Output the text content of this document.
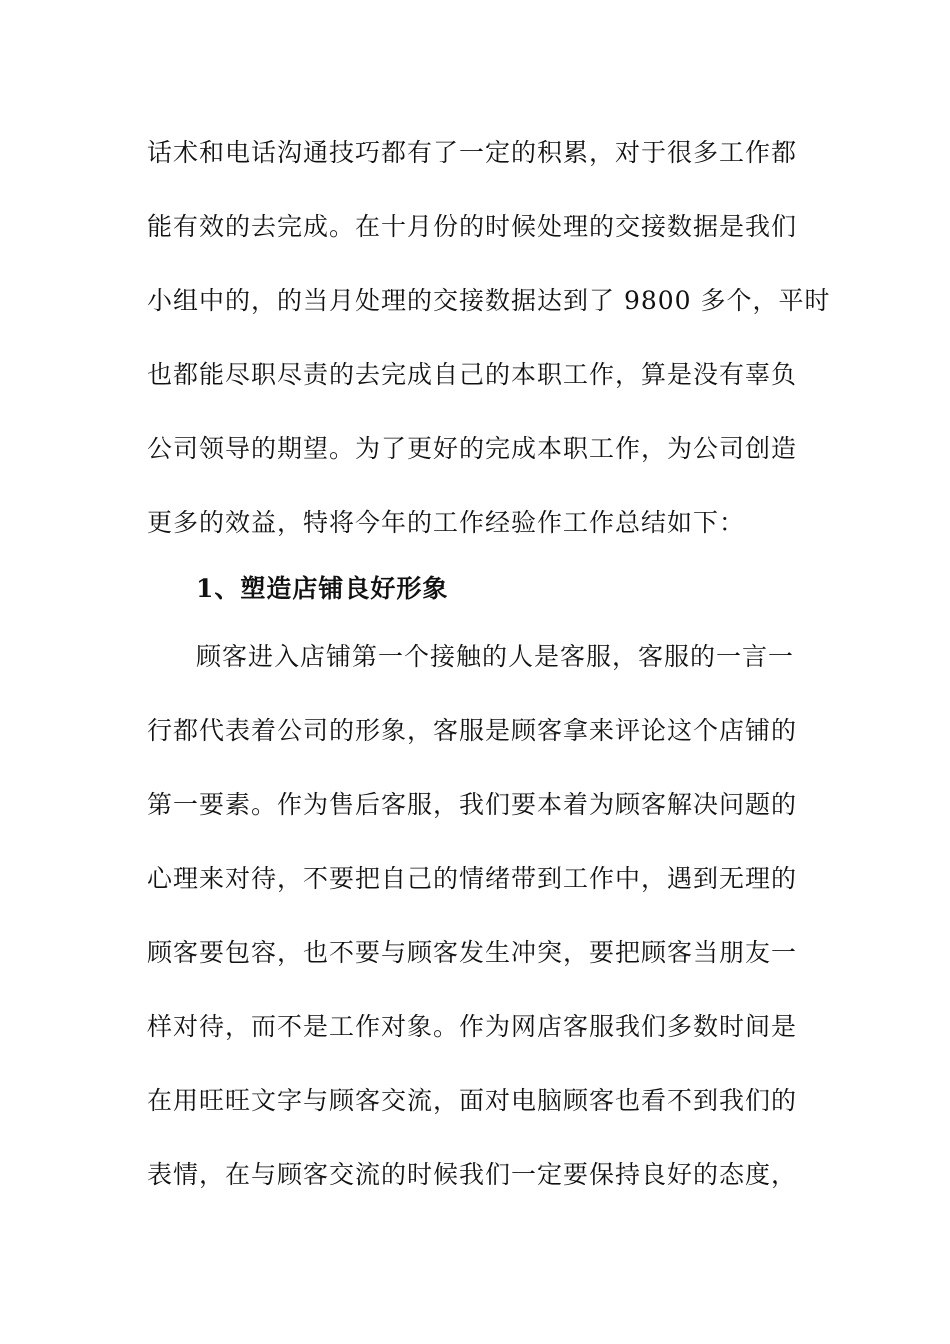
话术和电话沟通技巧都有了一定的积累，对于很多工作都
能有效的去完成。在十月份的时候处理的交接数据是我们
小组中的，的当月处理的交接数据达到了 9800 多个，平时
也都能尽职尽责的去完成自己的本职工作，算是没有辜负
公司领导的期望。为了更好的完成本职工作，为公司创造
更多的效益，特将今年的工作经验作工作总结如下：
1、塑造店铺良好形象
顾客进入店铺第一个接触的人是客服，客服的一言一
行都代表着公司的形象，客服是顾客拿来评论这个店铺的
第一要素。作为售后客服，我们要本着为顾客解决问题的
心理来对待，不要把自己的情绪带到工作中，遇到无理的
顾客要包容，也不要与顾客发生冲突，要把顾客当朋友一
样对待，而不是工作对象。作为网店客服我们多数时间是
在用旺旺文字与顾客交流，面对电脑顾客也看不到我们的
表情，在与顾客交流的时候我们一定要保持良好的态度，
